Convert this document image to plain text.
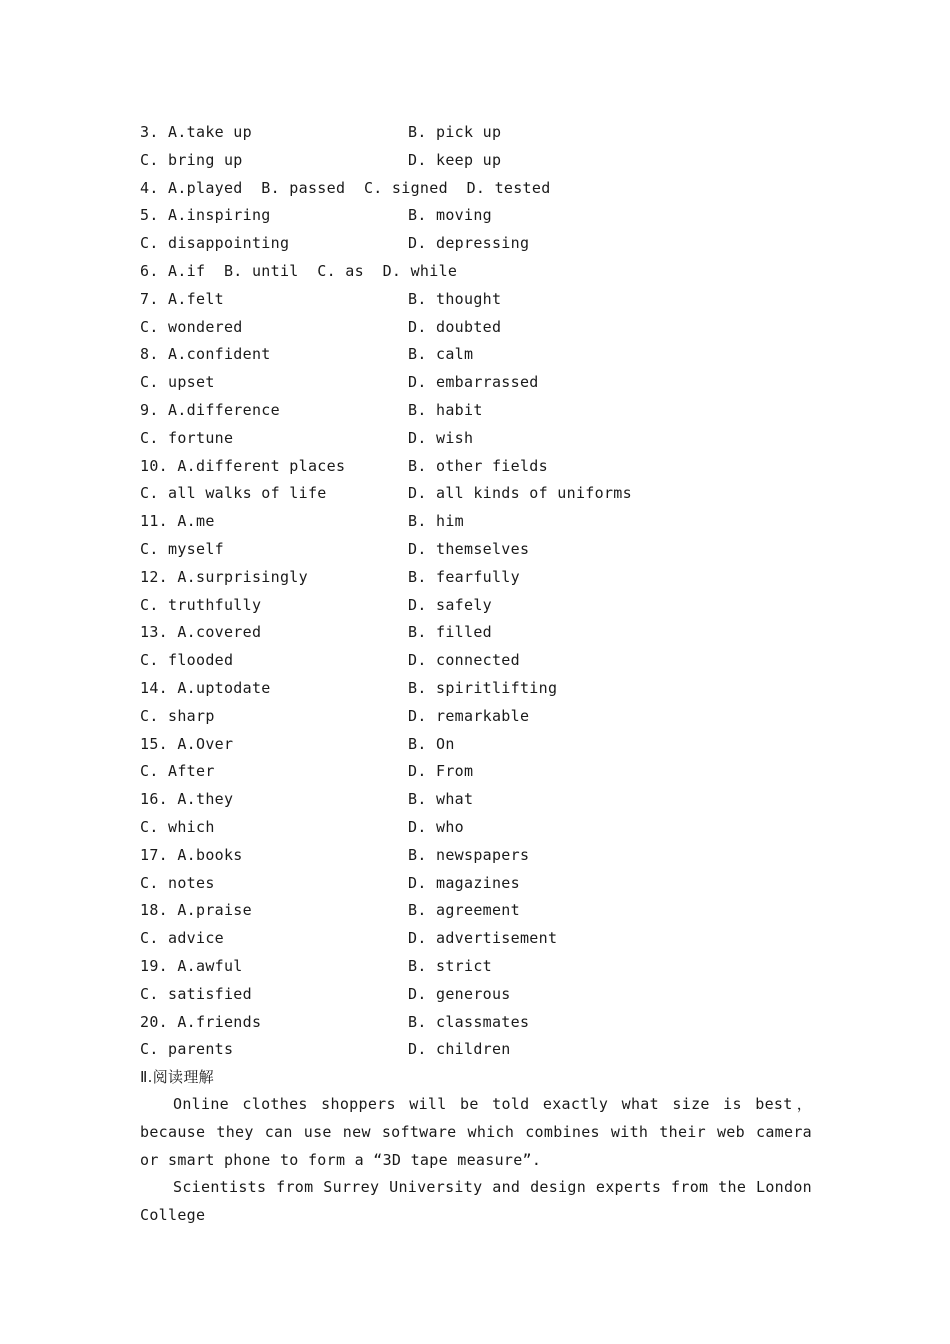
3. A.take up	B. pick up
C. bring up	D. keep up
4. A.played  B. passed  C. signed  D. tested
5. A.inspiring	B. moving
C. disappointing	D. depressing
6. A.if  B. until  C. as  D. while
7. A.felt	B. thought
C. wondered	D. doubted
8. A.confident	B. calm
C. upset	D. embarrassed
9. A.difference	B. habit
C. fortune	D. wish
10. A.different places	B. other fields
C. all walks of life	D. all kinds of uniforms
11. A.me	B. him
C. myself	D. themselves
12. A.surprisingly	B. fearfully
C. truthfully	D. safely
13. A.covered	B. filled
C. flooded	D. connected
14. A.uptodate	B. spiritlifting
C. sharp	D. remarkable
15. A.Over	B. On
C. After	D. From
16. A.they	B. what
C. which	D. who
17. A.books	B. newspapers
C. notes	D. magazines
18. A.praise	B. agreement
C. advice	D. advertisement
19. A.awful	B. strict
C. satisfied	D. generous
20. A.friends	B. classmates
C. parents	D. children
Ⅱ.阅读理解

Online clothes shoppers will be told exactly what size is best，because they can use new software which combines with their web camera or smart phone to form a “3D tape measure”.

Scientists from Surrey University and design experts from the London College
